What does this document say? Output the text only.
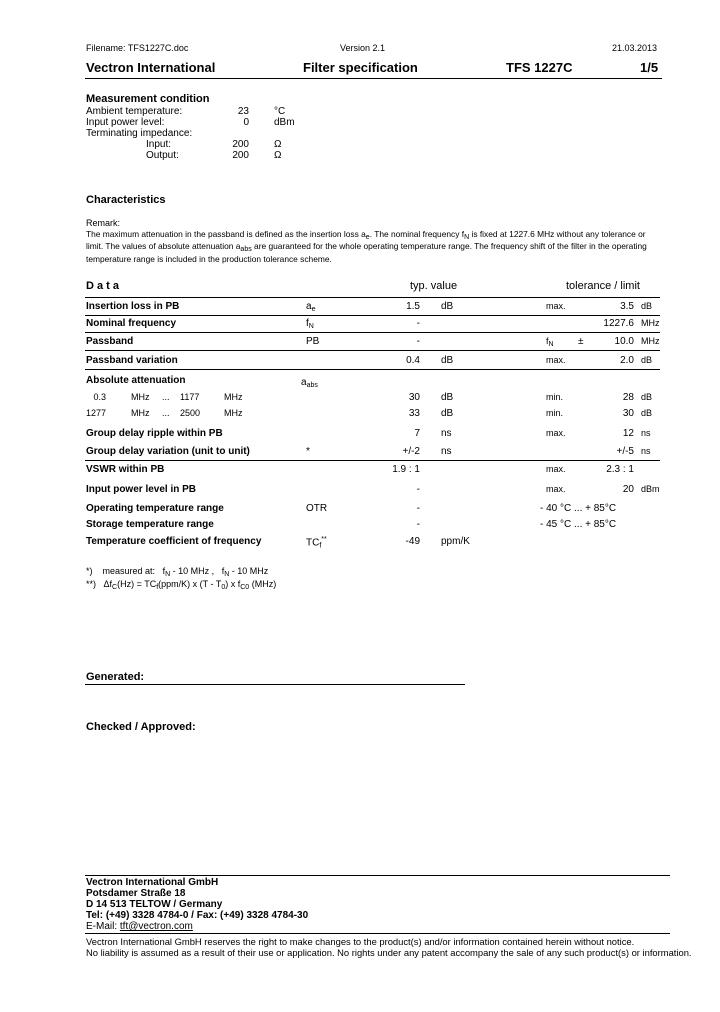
Filename: TFS1227C.doc	Version 2.1	21.03.2013
Vectron International	Filter specification	TFS 1227C	1/5
Measurement condition
Ambient temperature:	23	°C
Input power level:	0	dBm
Terminating impedance:
Input:	200	Ω
Output:	200	Ω
Characteristics
Remark:
The maximum attenuation in the passband is defined as the insertion loss $a_e$. The nominal frequency $f_N$ is fixed at 1227.6 MHz without any tolerance or
limit. The values of absolute attenuation $a_{abs}$ are guaranteed for the whole operating temperature range. The frequency shift of the filter in the operating
temperature range is included in the production tolerance scheme.
D a t a	typ. value	tolerance / limit
Insertion loss in PB	$a_e$	1.5 dB	max.	3.5 dB
Nominal frequency	$f_N$	-	1227.6 MHz
Passband	PB	-	$f_N$ ±	10.0 MHz
Passband variation	0.4 dB	max.	2.0 dB
Absolute attenuation	$a_{abs}$
0.3	MHz ... 1177	MHz	30 dB	min.	28 dB
1277	MHz ... 2500	MHz	33 dB	min.	30 dB
Group delay ripple within PB	7 ns	max.	12 ns
Group delay variation (unit to unit)	*	+/-2 ns	+/-5 ns
VSWR within PB	1.9 : 1	max.	2.3 : 1
Input power level in PB	-	max.	20 dBm
Operating temperature range	OTR	-	- 40 °C ... + 85°C
Storage temperature range	-	- 45 °C ... + 85°C
Temperature coefficient of frequency	$TC_f^{**}$	-49 ppm/K
*) measured at: $f_N - 10$ MHz , $f_N - 10$ MHz
**) $\Delta f_C(Hz) = TC_f(ppm/K)$ x $(T - T_0)$ x $f_{C0}$ (MHz)
Generated:
Checked / Approved:
Vectron International GmbH
Potsdamer Straße 18
D 14 513 TELTOW / Germany
Tel: (+49) 3328 4784-0 / Fax: (+49) 3328 4784-30
E-Mail: tft@vectron.com
Vectron International GmbH reserves the right to make changes to the product(s) and/or information contained herein without notice.
No liability is assumed as a result of their use or application. No rights under any patent accompany the sale of any such product(s) or information.
